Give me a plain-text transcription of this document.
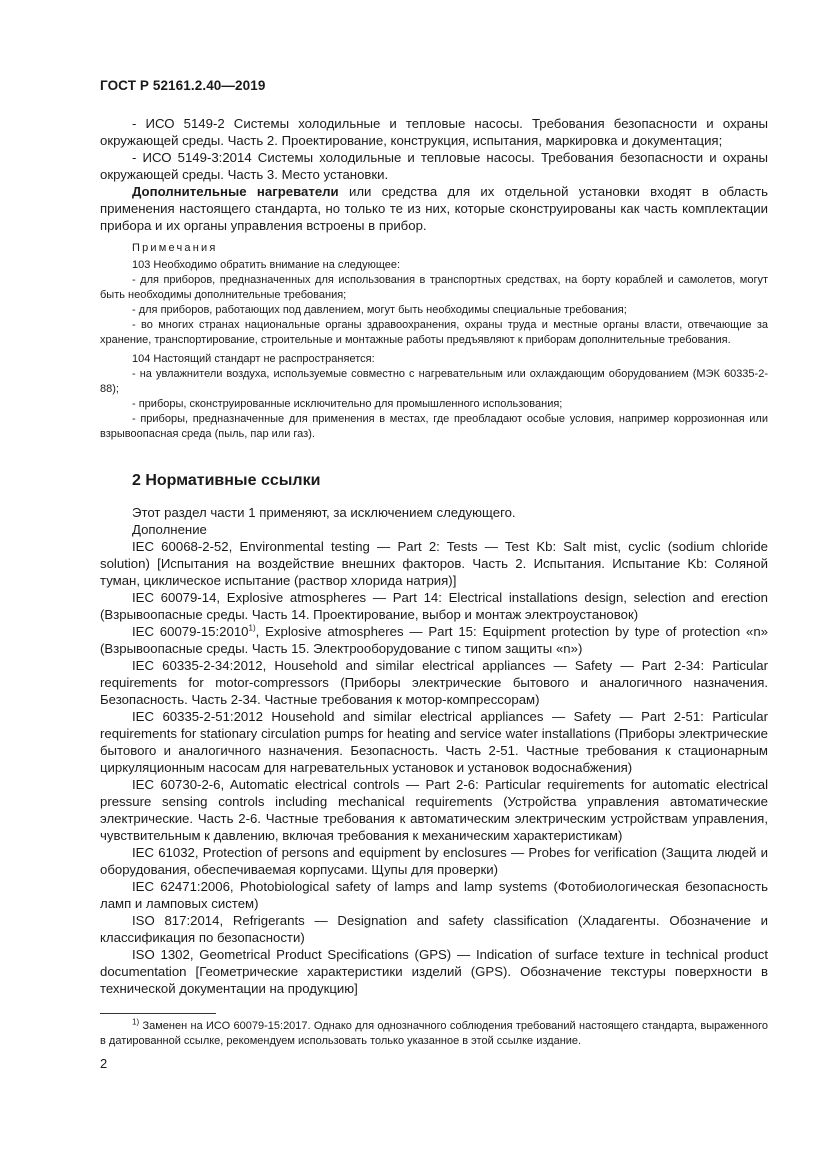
ГОСТ Р 52161.2.40—2019

- ИСО 5149-2 Системы холодильные и тепловые насосы. Требования безопасности и охраны окружающей среды. Часть 2. Проектирование, конструкция, испытания, маркировка и документация;

- ИСО 5149-3:2014 Системы холодильные и тепловые насосы. Требования безопасности и охраны окружающей среды. Часть 3. Место установки.

Дополнительные нагреватели или средства для их отдельной установки входят в область применения настоящего стандарта, но только те из них, которые сконструированы как часть комплектации прибора и их органы управления встроены в прибор.

Примечания

103 Необходимо обратить внимание на следующее:

- для приборов, предназначенных для использования в транспортных средствах, на борту кораблей и самолетов, могут быть необходимы дополнительные требования;

- для приборов, работающих под давлением, могут быть необходимы специальные требования;

- во многих странах национальные органы здравоохранения, охраны труда и местные органы власти, отвечающие за хранение, транспортирование, строительные и монтажные работы предъявляют к приборам дополнительные требования.

104 Настоящий стандарт не распространяется:

- на увлажнители воздуха, используемые совместно с нагревательным или охлаждающим оборудованием (МЭК 60335-2-88);

- приборы, сконструированные исключительно для промышленного использования;

- приборы, предназначенные для применения в местах, где преобладают особые условия, например коррозионная или взрывоопасная среда (пыль, пар или газ).

2 Нормативные ссылки

Этот раздел части 1 применяют, за исключением следующего.

Дополнение

IEC 60068-2-52, Environmental testing — Part 2: Tests — Test Kb: Salt mist, cyclic (sodium chloride solution) [Испытания на воздействие внешних факторов. Часть 2. Испытания. Испытание Kb: Соляной туман, циклическое испытание (раствор хлорида натрия)]

IEC 60079-14, Explosive atmospheres — Part 14: Electrical installations design, selection and erection (Взрывоопасные среды. Часть 14. Проектирование, выбор и монтаж электроустановок)

IEC 60079-15:2010$^{1)}$, Explosive atmospheres — Part 15: Equipment protection by type of protection «n» (Взрывоопасные среды. Часть 15. Электрооборудование с типом защиты «n»)

IEC 60335-2-34:2012, Household and similar electrical appliances — Safety — Part 2-34: Particular requirements for motor-compressors (Приборы электрические бытового и аналогичного назначения. Безопасность. Часть 2-34. Частные требования к мотор-компрессорам)

IEC 60335-2-51:2012 Household and similar electrical appliances — Safety — Part 2-51: Particular requirements for stationary circulation pumps for heating and service water installations (Приборы электрические бытового и аналогичного назначения. Безопасность. Часть 2-51. Частные требования к стационарным циркуляционным насосам для нагревательных установок и установок водоснабжения)

IEC 60730-2-6, Automatic electrical controls — Part 2-6: Particular requirements for automatic electrical pressure sensing controls including mechanical requirements (Устройства управления автоматические электрические. Часть 2-6. Частные требования к автоматическим электрическим устройствам управления, чувствительным к давлению, включая требования к механическим характеристикам)

IEC 61032, Protection of persons and equipment by enclosures — Probes for verification (Защита людей и оборудования, обеспечиваемая корпусами. Щупы для проверки)

IEC 62471:2006, Photobiological safety of lamps and lamp systems (Фотобиологическая безопасность ламп и ламповых систем)

ISO 817:2014, Refrigerants — Designation and safety classification (Хладагенты. Обозначение и классификация по безопасности)

ISO 1302, Geometrical Product Specifications (GPS) — Indication of surface texture in technical product documentation [Геометрические характеристики изделий (GPS). Обозначение текстуры поверхности в технической документации на продукцию]

$^{1)}$ Заменен на ИСО 60079-15:2017. Однако для однозначного соблюдения требований настоящего стандарта, выраженного в датированной ссылке, рекомендуем использовать только указанное в этой ссылке издание.

2
